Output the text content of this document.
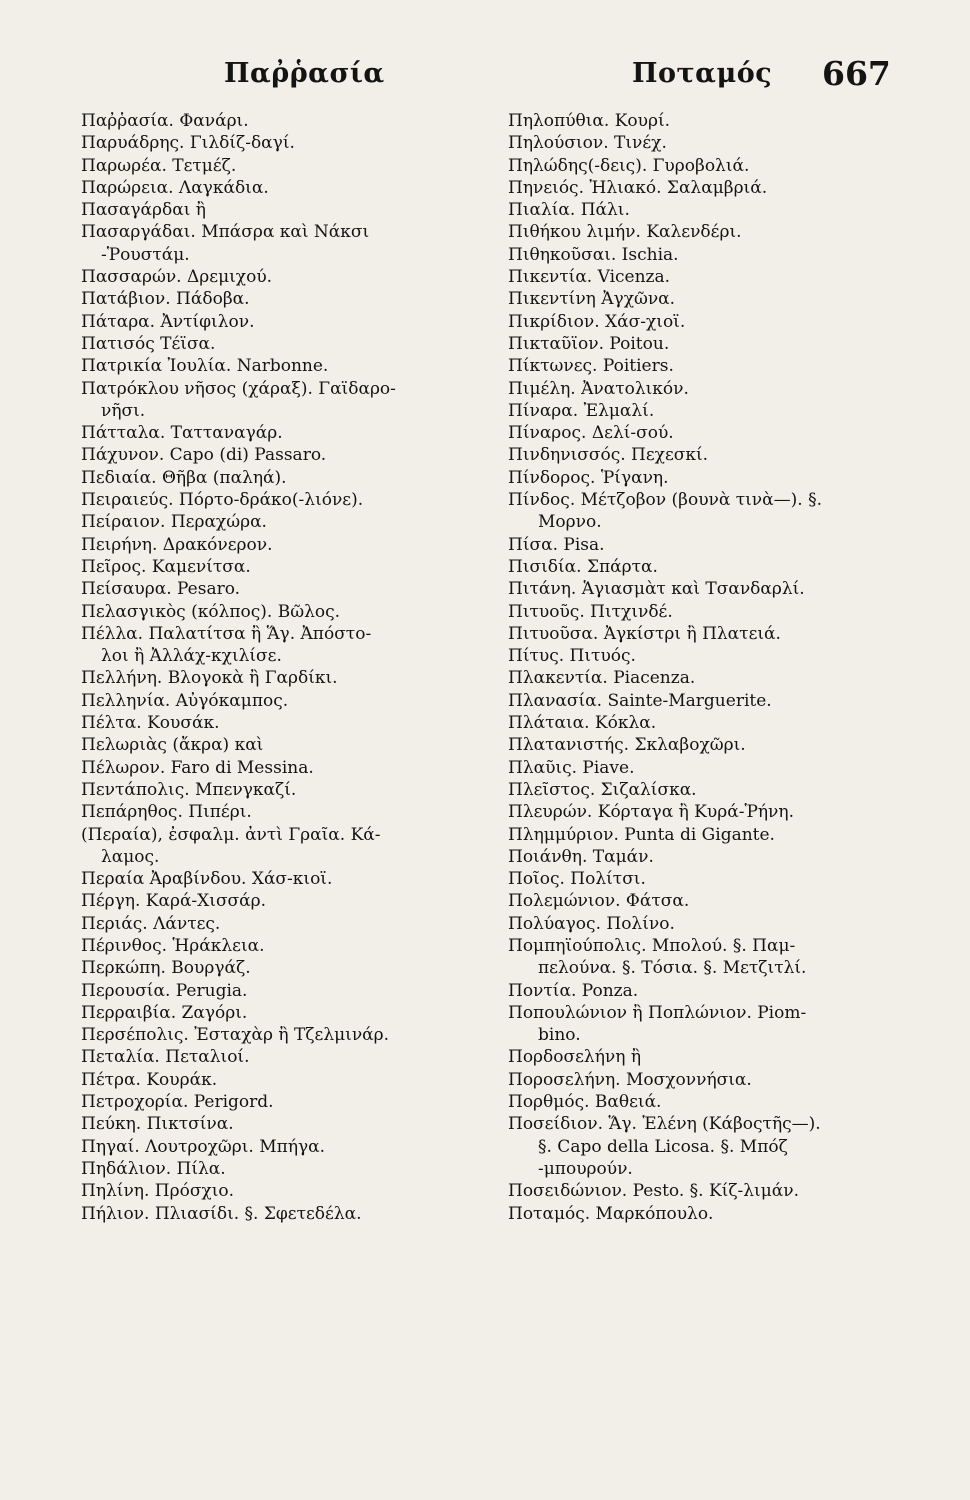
Παῤῥασία	Ποταμός 667
Παῤῥασία. Φανάρι.
Παρυάδρης. Γιλδίζ-δαγί.
Παρωρέα. Τετμέζ.
Παρώρεια. Λαγκάδια.
Πασαγάρδαι ἢ
Πασαργάδαι. Μπάσρα καὶ Νάκσι
-Ῥουστάμ.
Πασσαρών. Δρεμιχού.
Πατάβιον. Πάδοβα.
Πάταρα. Ἀντίφιλον.
Πατισός Τέϊσα.
Πατρικία Ἰουλία. Narbonne.
Πατρόκλου νῆσος (χάραξ). Γαϊδαρο-
νῆσι.
Πάτταλα. Τατταναγάρ.
Πάχυνον. Capo (di) Passaro.
Πεδιαία. Θῆβα (παληά).
Πειραιεύς. Πόρτο-δράκο(-λιόνε).
Πείραιον. Περαχώρα.
Πειρήνη. Δρακόνερον.
Πεῖρος. Καμενίτσα.
Πείσαυρα. Pesaro.
Πελασγικὸς (κόλπος). Βῶλος.
Πέλλα. Παλατίτσα ἢ Ἅγ. Ἀπόστο-
λοι ἢ Ἀλλάχ-κχιλίσε.
Πελλήνη. Βλογοκὰ ἢ Γαρδίκι.
Πελληνία. Αὐγόκαμπος.
Πέλτα. Κουσάκ.
Πελωριὰς (ἄκρα) καὶ
Πέλωρον. Faro di Messina.
Πεντάπολις. Μπενγκαζί.
Πεπάρηθος. Πιπέρι.
(Περαία), ἐσφαλμ. ἀντὶ Γραῖα. Κά-
λαμος.
Περαία Ἀραβίνδου. Χάσ-κιοϊ.
Πέργη. Καρά-Χισσάρ.
Περιάς. Λάντες.
Πέρινθος. Ἡράκλεια.
Περκώπη. Βουργάζ.
Περουσία. Perugia.
Περραιβία. Ζαγόρι.
Περσέπολις. Ἐσταχὰρ ἢ Τζελμινάρ.
Πεταλία. Πεταλιοί.
Πέτρα. Κουράκ.
Πετροχορία. Perigord.
Πεύκη. Πικτσίνα.
Πηγαί. Λουτροχῶρι. Μπήγα.
Πηδάλιον. Πίλα.
Πηλίνη. Πρόσχιο.
Πήλιον. Πλιασίδι. §. Σφετεδέλα.
Πηλοπύθια. Κουρί.
Πηλούσιον. Τινέχ.
Πηλώδης(-δεις). Γυροβολιά.
Πηνειός. Ἠλιακό. Σαλαμβριά.
Πιαλία. Πάλι.
Πιθήκου λιμήν. Καλενδέρι.
Πιθηκοῦσαι. Ischia.
Πικεντία. Vicenza.
Πικεντίνη Ἀγχῶνα.
Πικρίδιον. Χάσ-χιοϊ.
Πικταῦϊον. Poitou.
Πίκτωνες. Poitiers.
Πιμέλη. Ἀνατολικόν.
Πίναρα. Ἐλμαλί.
Πίναρος. Δελί-σού.
Πινδηνισσός. Πεχεσκί.
Πίνδορος. Ῥίγανη.
Πίνδος. Μέτζοβον (βουνὰ τινὰ—). §.
Μορνο.
Πίσα. Pisa.
Πισιδία. Σπάρτα.
Πιτάνη. Ἁγιασμὰτ καὶ Τσανδαρλί.
Πιτυοῦς. Πιτχινδέ.
Πιτυοῦσα. Ἀγκίστρι ἢ Πλατειά.
Πίτυς. Πιτυός.
Πλακεντία. Piacenza.
Πλανασία. Sainte-Marguerite.
Πλάταια. Κόκλα.
Πλατανιστής. Σκλαβοχῶρι.
Πλαῦις. Piave.
Πλεῖστος. Σιζαλίσκα.
Πλευρών. Κόρταγα ἢ Κυρά-Ῥήνη.
Πλημμύριον. Punta di Gigante.
Ποιάνθη. Ταμάν.
Ποῖος. Πολίτσι.
Πολεμώνιον. Φάτσα.
Πολύαγος. Πολίνο.
Πομπηϊούπολις. Μπολού. §. Παμ-
πελούνα. §. Τόσια. §. Μετζιτλί.
Ποντία. Ponza.
Ποπουλώνιον ἢ Ποπλώνιον. Piom-
bino.
Πορδοσελήνη ἢ
Ποροσελήνη. Μοσχοννήσια.
Πορθμός. Βαθειά.
Ποσείδιον. Ἅγ. Ἑλένη (Κάβοςτῆς—).
§. Capo della Licosa. §. Μπόζ
-μπουρούν.
Ποσειδώνιον. Pesto. §. Κίζ-λιμάν.
Ποταμός. Μαρκόπουλο.
